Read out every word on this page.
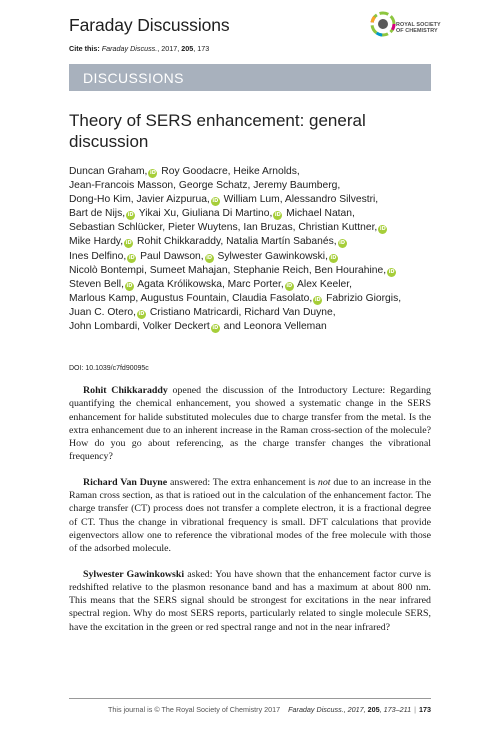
Faraday Discussions
Cite this: Faraday Discuss., 2017, 205, 173
ROYAL SOCIETY
OF CHEMISTRY
DISCUSSIONS
Theory of SERS enhancement: general discussion
Duncan Graham, iD Roy Goodacre, Heike Arnolds,
Jean-Francois Masson, George Schatz, Jeremy Baumberg,
Dong-Ho Kim, Javier Aizpurua, iD William Lum, Alessandro Silvestri,
Bart de Nijs, iD Yikai Xu, Giuliana Di Martino, iD Michael Natan,
Sebastian Schlücker, Pieter Wuytens, Ian Bruzas, Christian Kuttner, iD
Mike Hardy, iD Rohit Chikkaraddy, Natalia Martín Sabanés, iD
Ines Delfino, iD Paul Dawson, iD Sylwester Gawinkowski, iD
Nicolò Bontempi, Sumeet Mahajan, Stephanie Reich, Ben Hourahine, iD
Steven Bell, iD Agata Królikowska, Marc Porter, iD Alex Keeler,
Marlous Kamp, Augustus Fountain, Claudia Fasolato, iD Fabrizio Giorgis,
Juan C. Otero, iD Cristiano Matricardi, Richard Van Duyne,
John Lombardi, Volker Deckert iD and Leonora Velleman
DOI: 10.1039/c7fd90095c

Rohit Chikkaraddy opened the discussion of the Introductory Lecture: Regarding quantifying the chemical enhancement, you showed a systematic change in the SERS enhancement for halide substituted molecules due to charge transfer from the metal. Is the extra enhancement due to an inherent increase in the Raman cross-section of the molecule? How do you go about referencing, as the charge transfer changes the vibrational frequency?

Richard Van Duyne answered: The extra enhancement is not due to an increase in the Raman cross section, as that is ratioed out in the calculation of the enhancement factor. The charge transfer (CT) process does not transfer a complete electron, it is a fractional degree of CT. Thus the change in vibrational frequency is small. DFT calculations that provide eigenvectors allow one to reference the vibrational modes of the free molecule with those of the adsorbed molecule.

Sylwester Gawinkowski asked: You have shown that the enhancement factor curve is redshifted relative to the plasmon resonance band and has a maximum at about 800 nm. This means that the SERS signal should be strongest for excitations in the near infrared spectral region. Why do most SERS reports, particularly related to single molecule SERS, have the excitation in the green or red spectral range and not in the near infrared?

This journal is © The Royal Society of Chemistry 2017 Faraday Discuss., 2017, 205, 173–211 | 173
